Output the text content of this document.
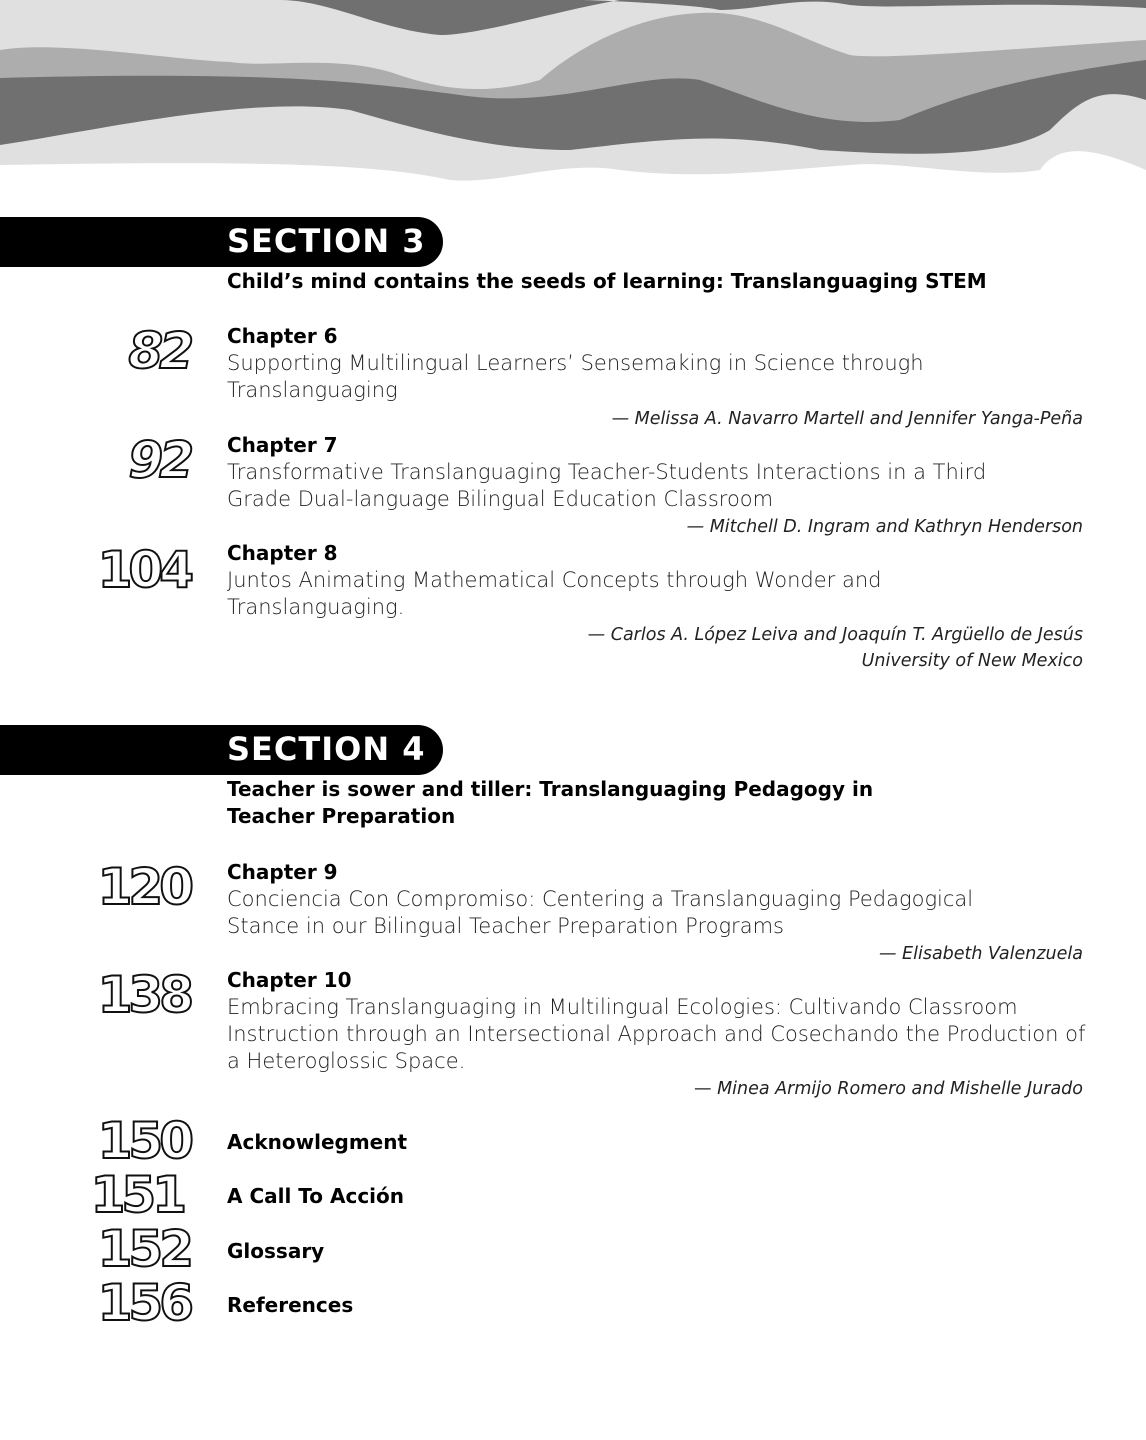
SECTION 3
Child’s mind contains the seeds of learning: Translanguaging STEM
82 Chapter 6
Supporting Multilingual Learners’ Sensemaking in Science through Translanguaging
— Melissa A. Navarro Martell and Jennifer Yanga-Peña
92 Chapter 7
Transformative Translanguaging Teacher-Students Interactions in a Third Grade Dual-language Bilingual Education Classroom
— Mitchell D. Ingram and Kathryn Henderson
104 Chapter 8
Juntos Animating Mathematical Concepts through Wonder and Translanguaging.
— Carlos A. López Leiva and Joaquín T. Argüello de Jesús
University of New Mexico
SECTION 4
Teacher is sower and tiller: Translanguaging Pedagogy in Teacher Preparation
120 Chapter 9
Conciencia Con Compromiso: Centering a Translanguaging Pedagogical Stance in our Bilingual Teacher Preparation Programs
— Elisabeth Valenzuela
138 Chapter 10
Embracing Translanguaging in Multilingual Ecologies: Cultivando Classroom Instruction through an Intersectional Approach and Cosechando the Production of a Heteroglossic Space.
— Minea Armijo Romero and Mishelle Jurado
150 Acknowlegment
151 A Call To Acción
152 Glossary
156 References
